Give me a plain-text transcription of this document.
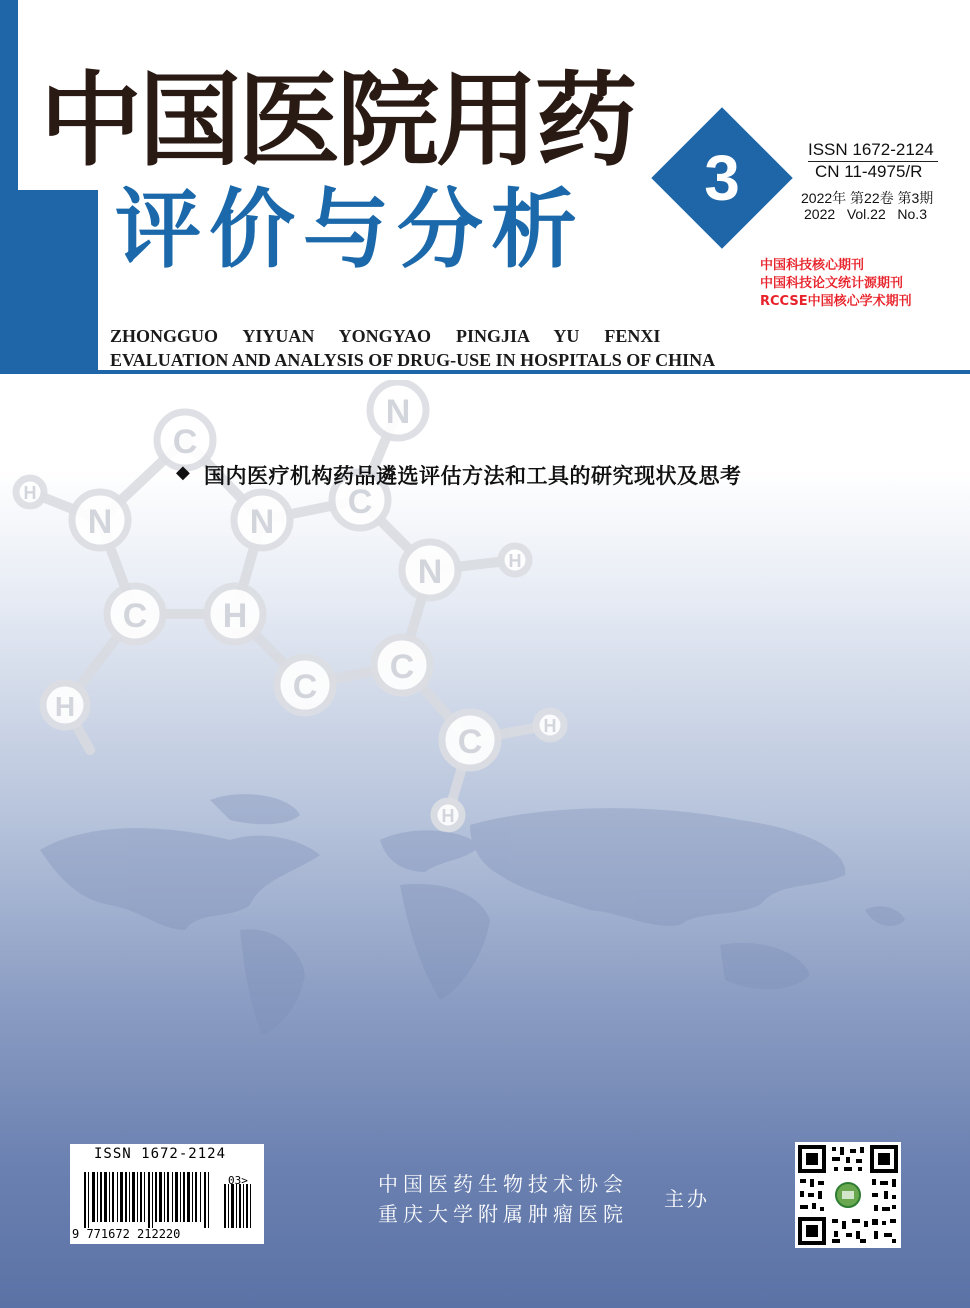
中国医院用药
评价与分析
3	ISSN 1672-2124
CN 11-4975/R
2022年 第22卷 第3期
2022   Vol.22   No.3
中国科技核心期刊
中国科技论文统计源期刊
RCCSE中国核心学术期刊
ZHONGGUO  YIYUAN  YONGYAO  PINGJIA  YU  FENXI
EVALUATION AND ANALYSIS OF DRUG-USE IN HOSPITALS OF CHINA
H
N
C
N
C
N
N	H
C H
C
C
H
C	H
H
◆ 国内医疗机构药品遴选评估方法和工具的研究现状及思考
ISSN 1672-2124
03>
9 771672 212220
中国医药生物技术协会
重庆大学附属肿瘤医院
主办
